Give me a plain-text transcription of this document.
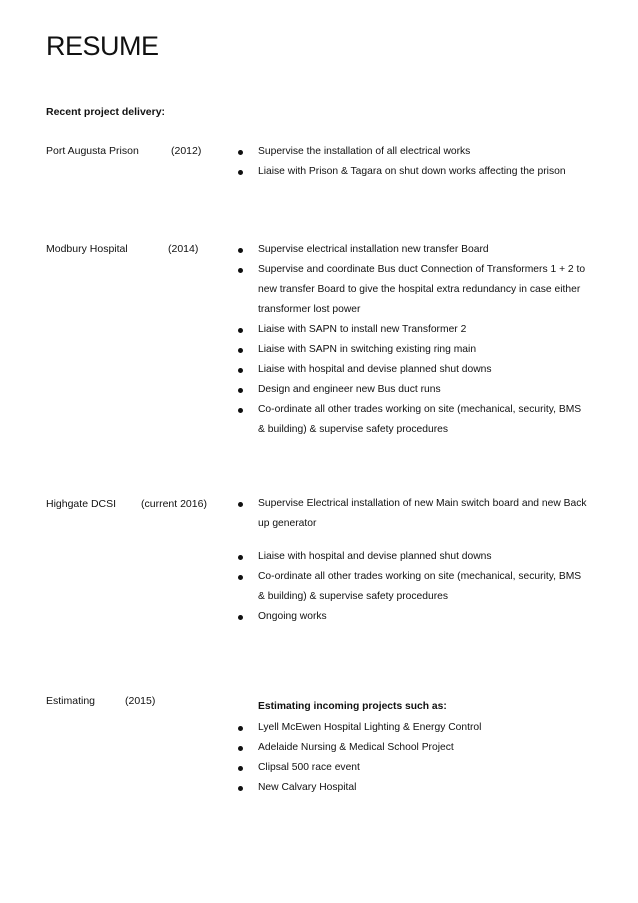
RESUME
Recent project delivery:
Port Augusta Prison	(2012)	Supervise the installation of all electrical works
Liaise with Prison & Tagara on shut down works affecting the prison
Modbury Hospital	(2014)	Supervise electrical installation new transfer Board
Supervise and coordinate Bus duct Connection of Transformers 1 + 2 to new transfer Board to give the hospital extra redundancy in case either transformer lost power
Liaise with SAPN to install new Transformer 2
Liaise with SAPN in switching existing ring main
Liaise with hospital and devise planned shut downs
Design and engineer new Bus duct runs
Co-ordinate all other trades working on site (mechanical, security, BMS & building) & supervise safety procedures
Highgate DCSI (current 2016)	Supervise Electrical installation of new Main switch board and new Back up generator
Liaise with hospital and devise planned shut downs
Co-ordinate all other trades working on site (mechanical, security, BMS & building) & supervise safety procedures
Ongoing works
Estimating	(2015)	Estimating incoming projects such as:
Lyell McEwen Hospital Lighting & Energy Control
Adelaide Nursing & Medical School Project
Clipsal 500 race event
New Calvary Hospital
